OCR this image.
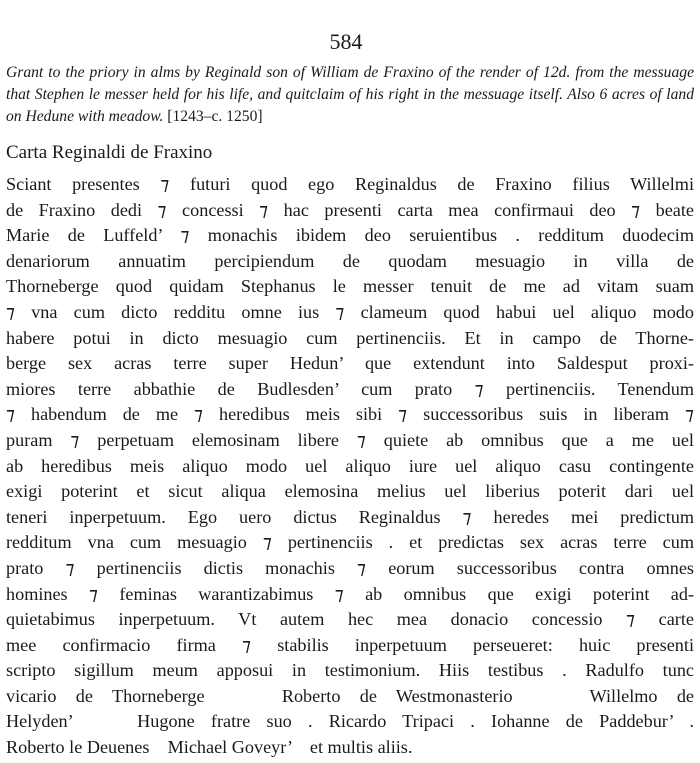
584
Grant to the priory in alms by Reginald son of William de Fraxino of the render of 12d. from the messuage that Stephen le messer held for his life, and quitclaim of his right in the messuage itself. Also 6 acres of land on Hedune with meadow. [1243–c. 1250]
Carta Reginaldi de Fraxino
Sciant presentes ⁊ futuri quod ego Reginaldus de Fraxino filius Willelmi
de Fraxino dedi ⁊ concessi ⁊ hac presenti carta mea confirmaui deo ⁊ beate
Marie de Luffeld’ ⁊ monachis ibidem deo seruientibus . redditum duodecim
denariorum annuatim percipiendum de quodam mesuagio in villa de
Thorneberge quod quidam Stephanus le messer tenuit de me ad vitam suam
⁊ vna cum dicto redditu omne ius ⁊ clameum quod habui uel aliquo modo
habere potui in dicto mesuagio cum pertinenciis. Et in campo de Thorne-
berge sex acras terre super Hedun’ que extendunt into Saldesput proxi-
miores terre abbathie de Budlesden’ cum prato ⁊ pertinenciis. Tenendum
⁊ habendum de me ⁊ heredibus meis sibi ⁊ successoribus suis in liberam ⁊
puram ⁊ perpetuam elemosinam libere ⁊ quiete ab omnibus que a me uel
ab heredibus meis aliquo modo uel aliquo iure uel aliquo casu contingente
exigi poterint et sicut aliqua elemosina melius uel liberius poterit dari uel
teneri inperpetuum. Ego uero dictus Reginaldus ⁊ heredes mei predictum
redditum vna cum mesuagio ⁊ pertinenciis . et predictas sex acras terre cum
prato ⁊ pertinenciis dictis monachis ⁊ eorum successoribus contra omnes
homines ⁊ feminas warantizabimus ⁊ ab omnibus que exigi poterint ad-
quietabimus inperpetuum. Vt autem hec mea donacio concessio ⁊ carte
mee confirmacio firma ⁊ stabilis inperpetuum perseueret: huic presenti
scripto sigillum meum apposui in testimonium. Hiis testibus . Radulfo tunc
vicario de Thorneberge    Roberto de Westmonasterio    Willelmo de
Helyden’    Hugone fratre suo . Ricardo Tripaci . Iohanne de Paddebur’ .
Roberto le Deuenes    Michael Goveyr’    et multis aliis.
